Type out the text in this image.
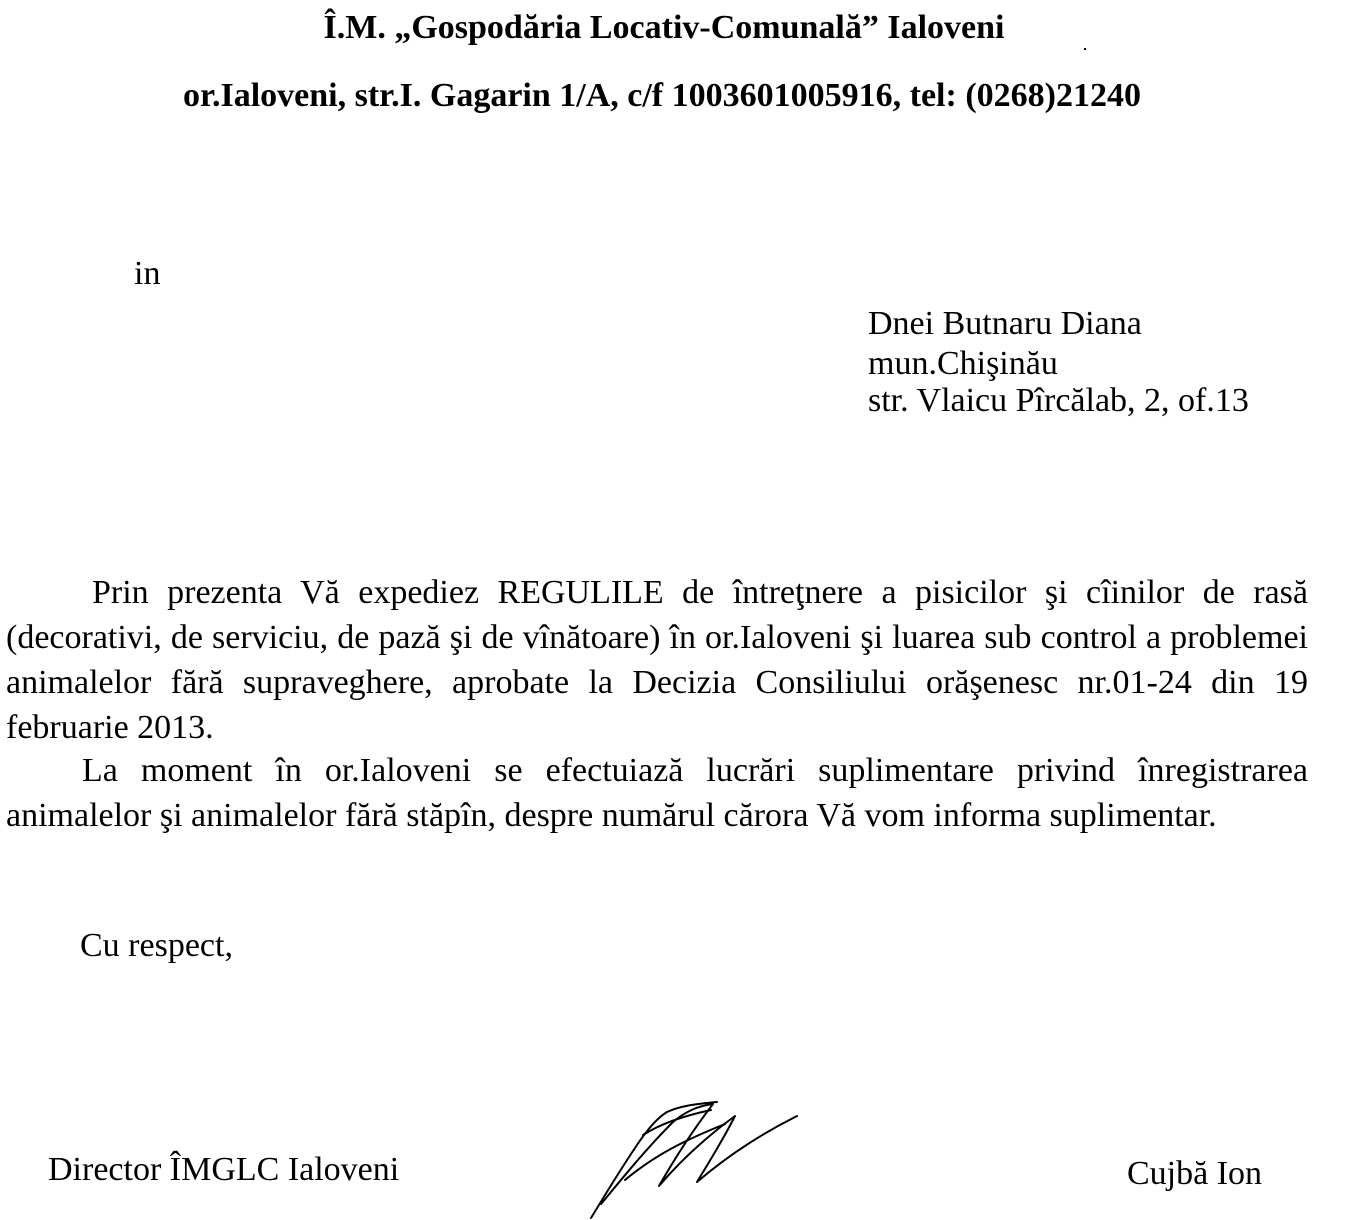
Î.M. „Gospodăria Locativ-Comunală” Ialoveni
or.Ialoveni, str.I. Gagarin 1/A, c/f 1003601005916, tel: (0268)21240
in
Dnei Butnaru Diana
mun.Chişinău
str. Vlaicu Pîrcălab, 2, of.13
Prin prezenta Vă expediez REGULILE de întreţnere a pisicilor şi cîinilor de rasă (decorativi, de serviciu, de pază şi de vînătoare) în or.Ialoveni şi luarea sub control a problemei animalelor fără supraveghere, aprobate la Decizia Consiliului orăşenesc nr.01-24 din 19 februarie 2013.
La moment în or.Ialoveni se efectuiază lucrări suplimentare privind înregistrarea animalelor şi animalelor fără stăpîn, despre numărul cărora Vă vom informa suplimentar.
Cu respect,
Director ÎMGLC Ialoveni	Cujbă Ion
